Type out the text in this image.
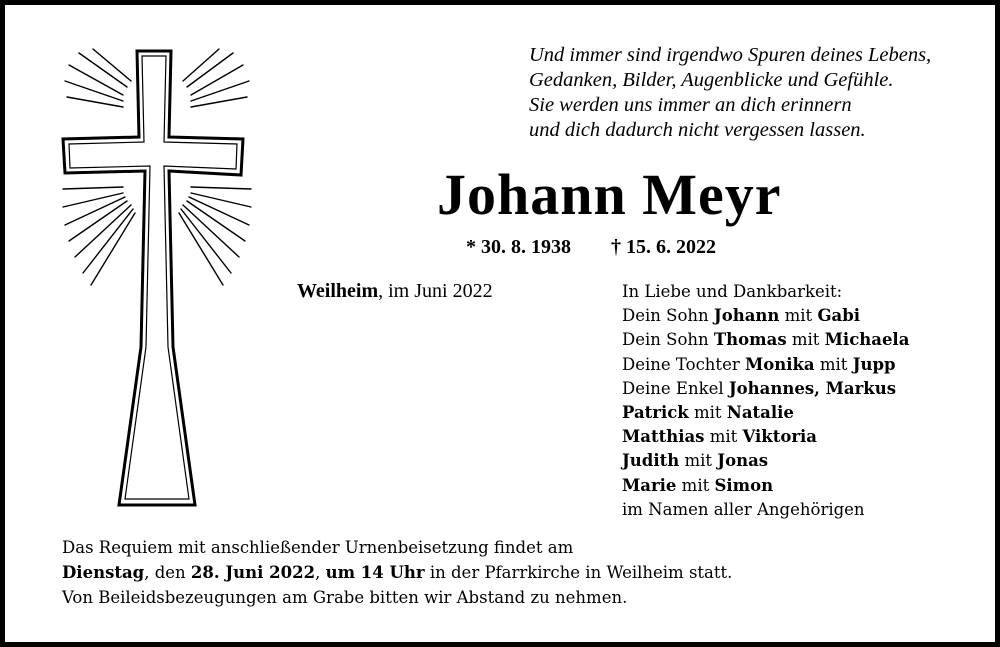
Und immer sind irgendwo Spuren deines Lebens,
Gedanken, Bilder, Augenblicke und Gefühle.
Sie werden uns immer an dich erinnern
und dich dadurch nicht vergessen lassen.
Johann Meyr
* 30. 8. 1938 † 15. 6. 2022
Weilheim, im Juni 2022	In Liebe und Dankbarkeit:
Dein Sohn Johann mit Gabi
Dein Sohn Thomas mit Michaela
Deine Tochter Monika mit Jupp
Deine Enkel Johannes, Markus
Patrick mit Natalie
Matthias mit Viktoria
Judith mit Jonas
Marie mit Simon
im Namen aller Angehörigen
Das Requiem mit anschließender Urnenbeisetzung findet am
Dienstag, den 28. Juni 2022, um 14 Uhr in der Pfarrkirche in Weilheim statt.
Von Beileidsbezeugungen am Grabe bitten wir Abstand zu nehmen.
